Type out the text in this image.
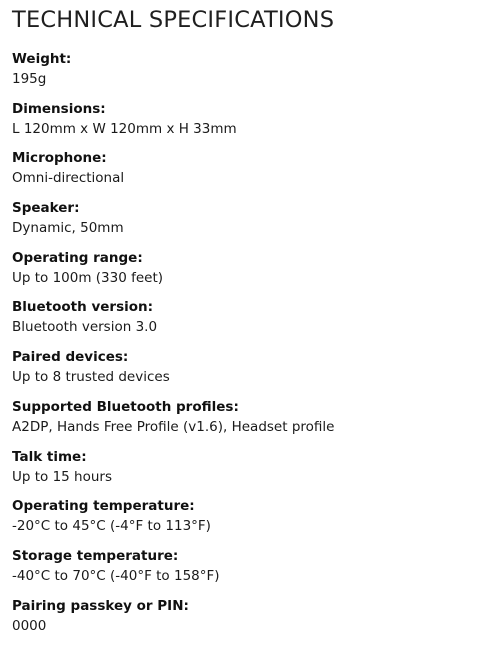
TECHNICAL SPECIFICATIONS
Weight:
195g
Dimensions:
L 120mm x W 120mm x H 33mm
Microphone:
Omni-directional
Speaker:
Dynamic, 50mm
Operating range:
Up to 100m (330 feet)
Bluetooth version:
Bluetooth version 3.0
Paired devices:
Up to 8 trusted devices
Supported Bluetooth profiles:
A2DP, Hands Free Profile (v1.6), Headset profile
Talk time:
Up to 15 hours
Operating temperature:
-20°C to 45°C (-4°F to 113°F)
Storage temperature:
-40°C to 70°C (-40°F to 158°F)
Pairing passkey or PIN:
0000
